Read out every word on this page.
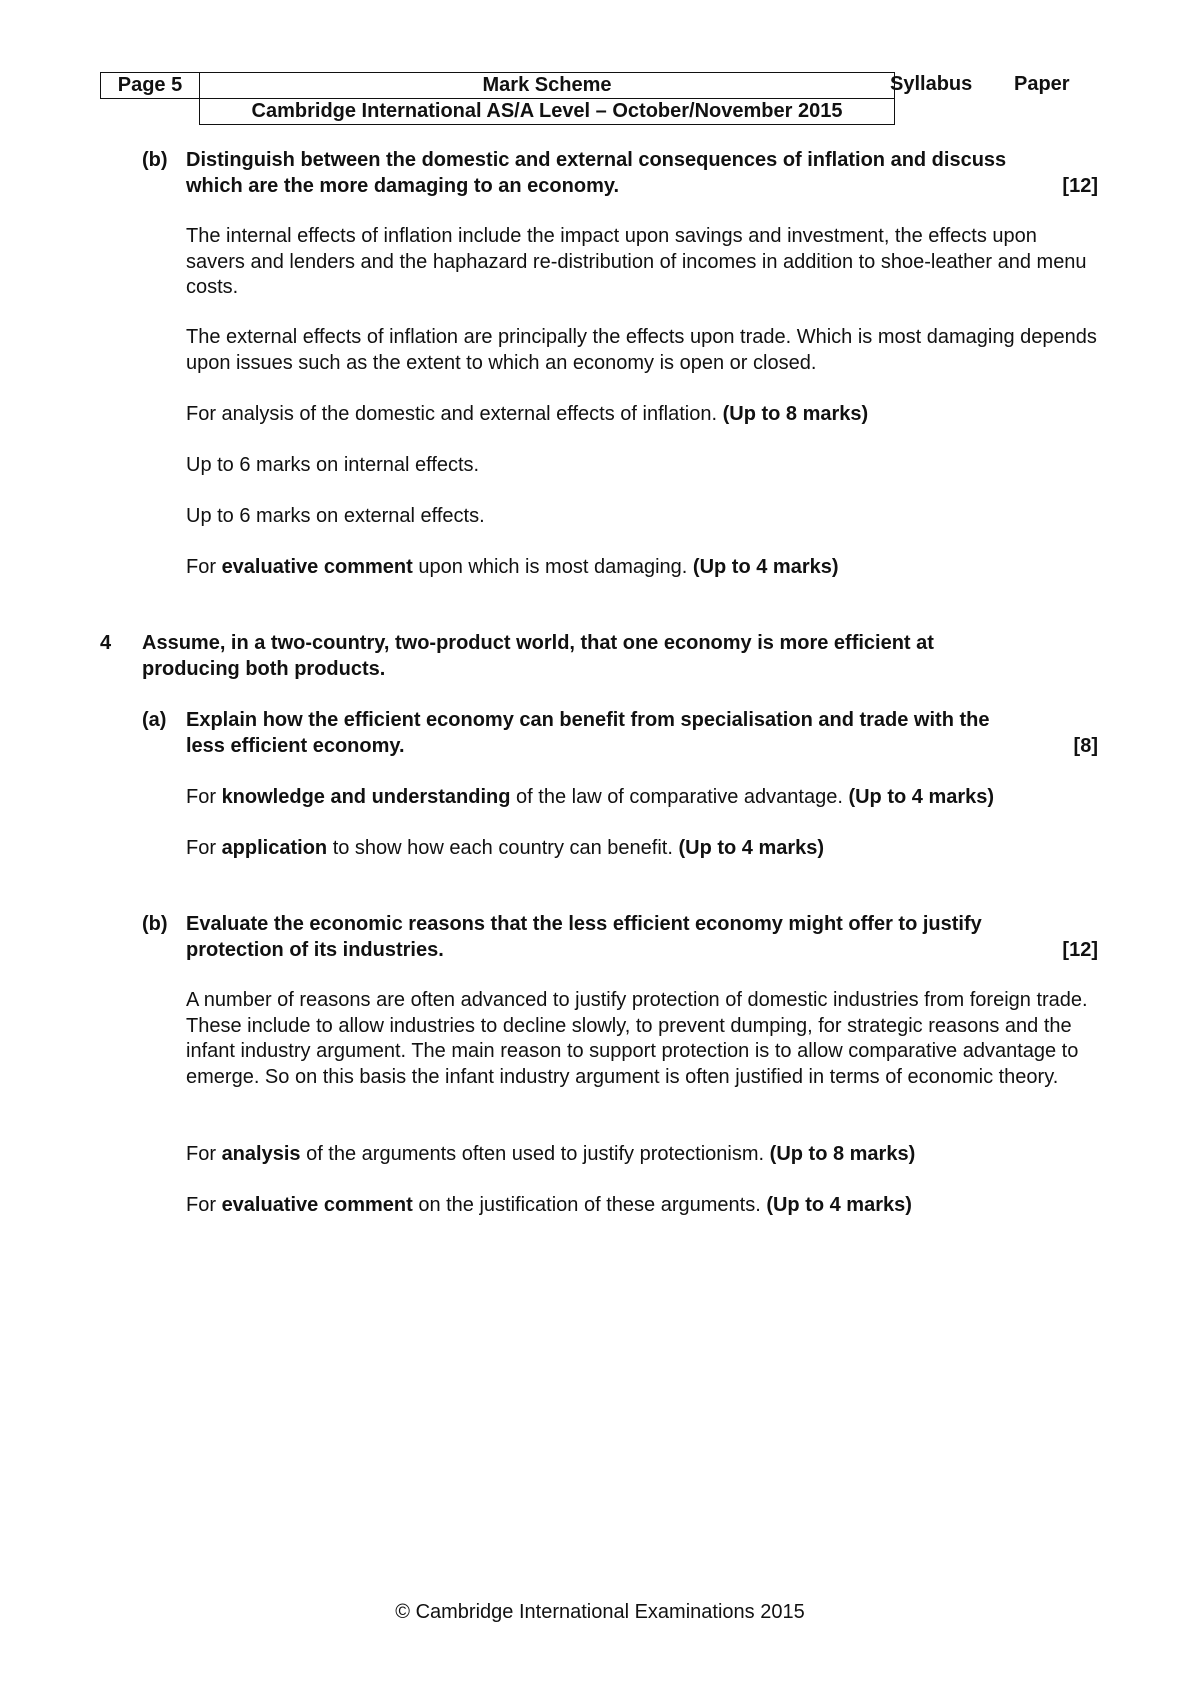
Page 5	Mark Scheme
	Cambridge International AS/A Level – October/November 2015
Syllabus Paper
(b) Distinguish between the domestic and external consequences of inflation and discuss
which are the more damaging to an economy.	[12]
The internal effects of inflation include the impact upon savings and investment, the effects upon savers and lenders and the haphazard re-distribution of incomes in addition to shoe-leather and menu costs.
The external effects of inflation are principally the effects upon trade. Which is most damaging depends upon issues such as the extent to which an economy is open or closed.
For analysis of the domestic and external effects of inflation. (Up to 8 marks)
Up to 6 marks on internal effects.
Up to 6 marks on external effects.
For evaluative comment upon which is most damaging. (Up to 4 marks)
4 Assume, in a two-country, two-product world, that one economy is more efficient at
producing both products.
(a) Explain how the efficient economy can benefit from specialisation and trade with the
less efficient economy.	[8]
For knowledge and understanding of the law of comparative advantage. (Up to 4 marks)
For application to show how each country can benefit. (Up to 4 marks)
(b) Evaluate the economic reasons that the less efficient economy might offer to justify
protection of its industries.	[12]
A number of reasons are often advanced to justify protection of domestic industries from foreign trade. These include to allow industries to decline slowly, to prevent dumping, for strategic reasons and the infant industry argument. The main reason to support protection is to allow comparative advantage to emerge. So on this basis the infant industry argument is often justified in terms of economic theory.
For analysis of the arguments often used to justify protectionism. (Up to 8 marks)
For evaluative comment on the justification of these arguments. (Up to 4 marks)
© Cambridge International Examinations 2015
